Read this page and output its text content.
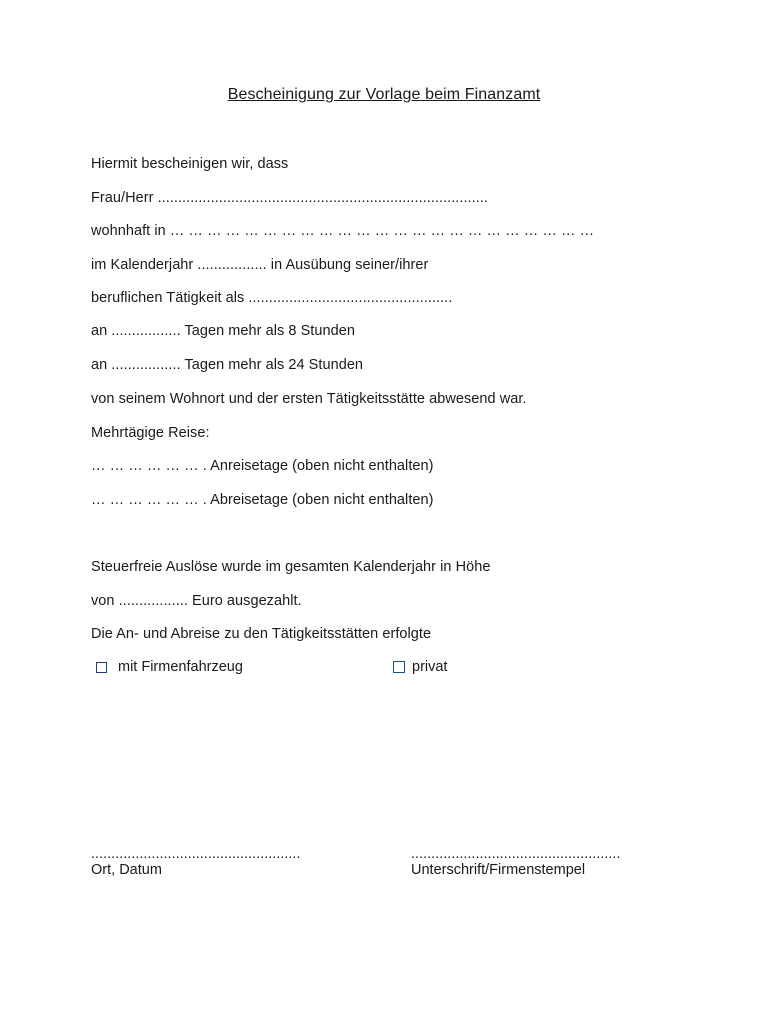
Bescheinigung zur Vorlage beim Finanzamt
Hiermit bescheinigen wir, dass
Frau/Herr .................................................................................
wohnhaft in … … … … … … … … … … … … … … … … … … … … … … …
im Kalenderjahr ................. in Ausübung seiner/ihrer
beruflichen Tätigkeit als ..................................................
an ................. Tagen mehr als 8 Stunden
an ................. Tagen mehr als 24 Stunden
von seinem Wohnort und der ersten Tätigkeitsstätte abwesend war.
Mehrtägige Reise:
… … … … … … . Anreisetage (oben nicht enthalten)
… … … … … … . Abreisetage (oben nicht enthalten)
Steuerfreie Auslöse wurde im gesamten Kalenderjahr in Höhe
von ................. Euro ausgezahlt.
Die An- und Abreise zu den Tätigkeitsstätten erfolgte
mit Firmenfahrzeug	privat
....................................................
Ort, Datum
....................................................
Unterschrift/Firmenstempel
